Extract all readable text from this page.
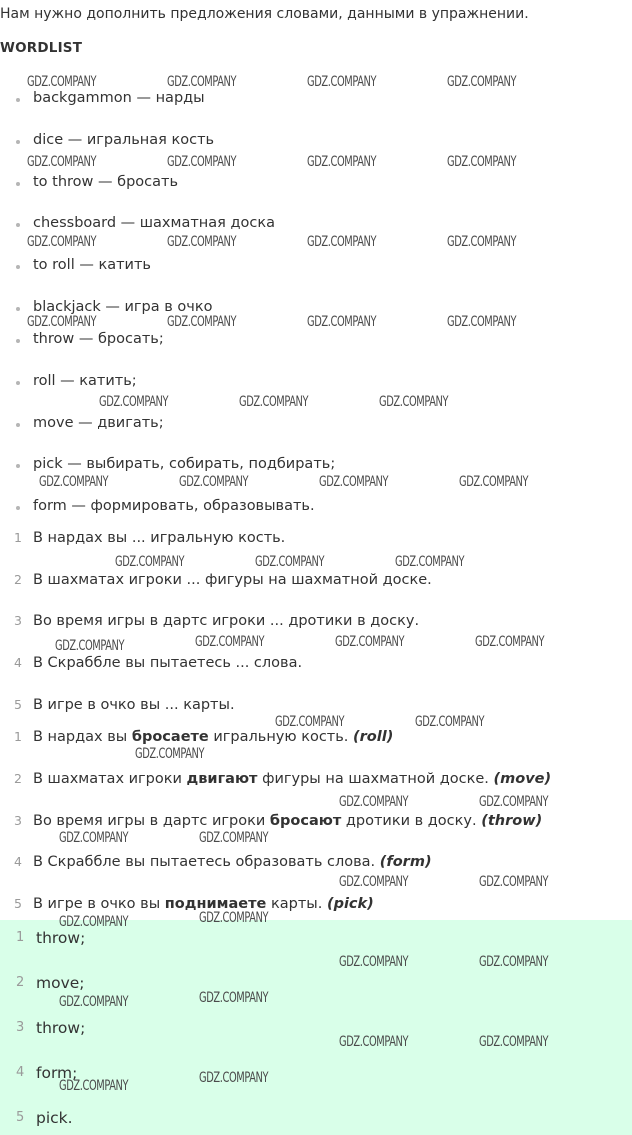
Нам нужно дополнить предложения словами, данными в упражнении.
WORDLIST
backgammon — нарды
dice — игральная кость
to throw — бросать
chessboard — шахматная доска
to roll — катить
blackjack — игра в очко
throw — бросать;
roll — катить;
move — двигать;
pick — выбирать, собирать, подбирать;
form — формировать, образовывать.
1 В нардах вы ... игральную кость.
2 В шахматах игроки ... фигуры на шахматной доске.
3 Во время игры в дартс игроки ... дротики в доску.
4 В Скраббле вы пытаетесь ... слова.
5 В игре в очко вы ... карты.
1 В нардах вы бросаете игральную кость. (roll)
2 В шахматах игроки двигают фигуры на шахматной доске. (move)
3 Во время игры в дартс игроки бросают дротики в доску. (throw)
4 В Скраббле вы пытаетесь образовать слова. (form)
5 В игре в очко вы поднимаете карты. (pick)
1 throw;
2 move;
3 throw;
4 form;
5 pick.
GDZ.COMPANY	GDZ.COMPANY	GDZ.COMPANY	GDZ.COMPANY
GDZ.COMPANY	GDZ.COMPANY	GDZ.COMPANY	GDZ.COMPANY
GDZ.COMPANY	GDZ.COMPANY	GDZ.COMPANY	GDZ.COMPANY
GDZ.COMPANY	GDZ.COMPANY	GDZ.COMPANY	GDZ.COMPANY
GDZ.COMPANY	GDZ.COMPANY	GDZ.COMPANY
GDZ.COMPANY	GDZ.COMPANY	GDZ.COMPANY	GDZ.COMPANY
GDZ.COMPANY	GDZ.COMPANY	GDZ.COMPANY
GDZ.COMPANY	GDZ.COMPANY	GDZ.COMPANY	GDZ.COMPANY
GDZ.COMPANY	GDZ.COMPANY
GDZ.COMPANY
GDZ.COMPANY	GDZ.COMPANY
GDZ.COMPANY	GDZ.COMPANY
GDZ.COMPANY	GDZ.COMPANY
GDZ.COMPANY	GDZ.COMPANY
GDZ.COMPANY	GDZ.COMPANY
GDZ.COMPANY	GDZ.COMPANY
GDZ.COMPANY	GDZ.COMPANY
GDZ.COMPANY	GDZ.COMPANY
